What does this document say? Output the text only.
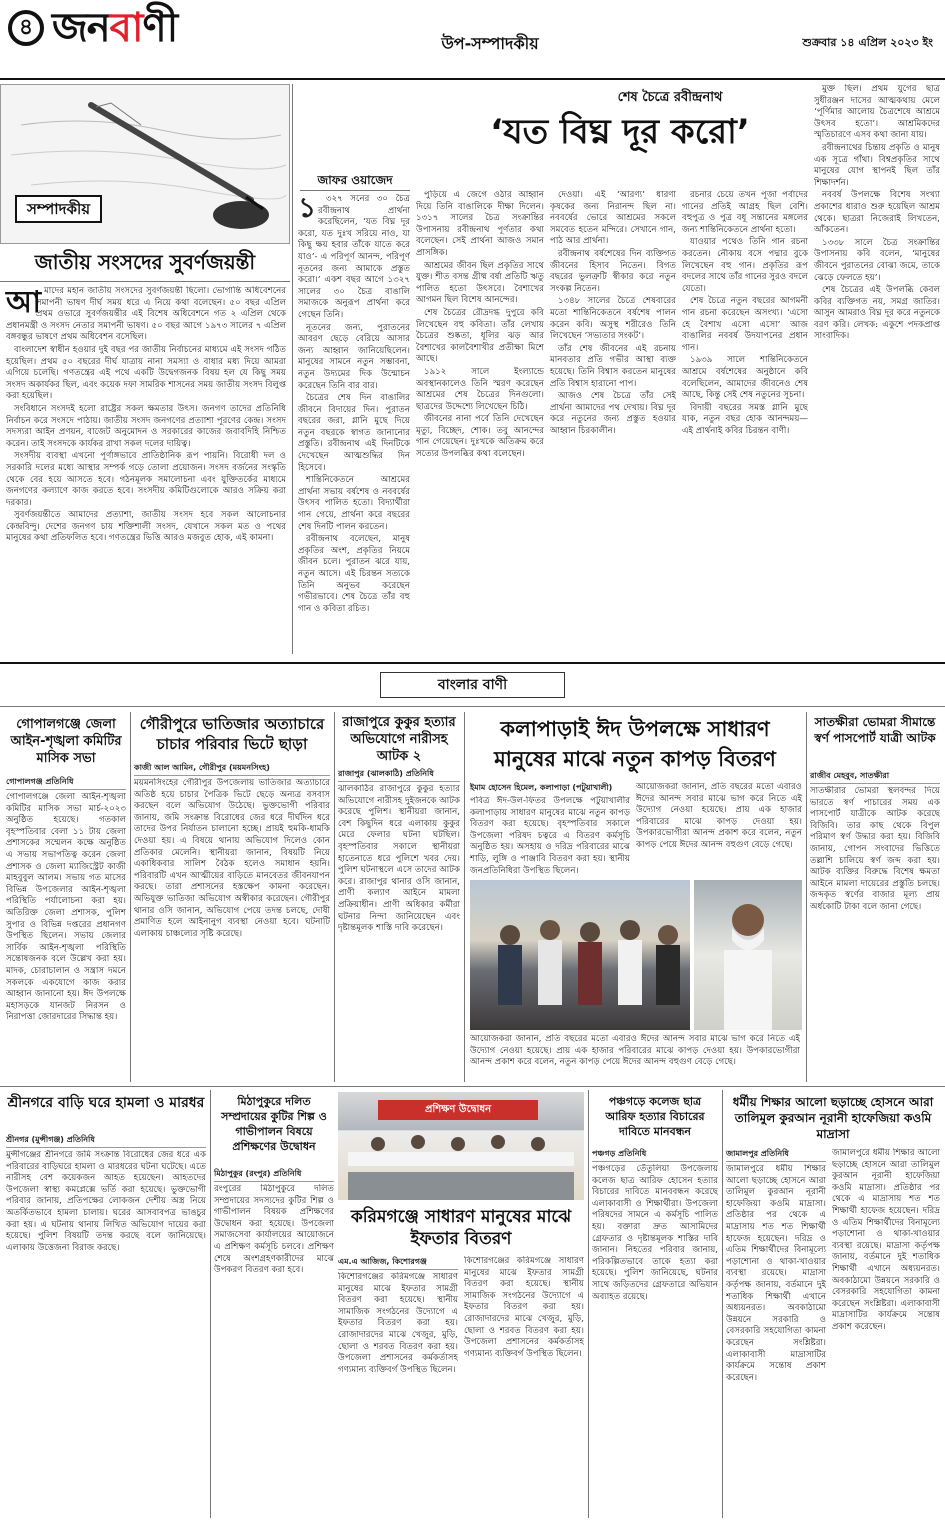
৪ জনবাণী	উপ-সম্পাদকীয়	শুক্রবার ১৪ এপ্রিল ২০২৩ ইং
সম্পাদকীয়
জাতীয় সংসদের সুবর্ণজয়ন্তী
আ মাদের মহান জাতীয় সংসদের সুবর্ণজয়ন্তী ছিলো। ভোগান্তি অধিবেশনের সমাপনী ভাষণ দীর্ঘ সময় ধরে এ নিয়ে কথা বলেছেন। ৫০ বছর এপ্রিল প্রথম ওভারে সুবর্ণজয়ন্তীর এই বিশেষ অধিবেশনে গত ২ এপ্রিল থেকে প্রধানমন্ত্রী ও সংসদ নেতার সমাপনী ভাষণ। ৫০ বছর আগে ১৯৭৩ সালের ৭ এপ্রিল বঙ্গবন্ধুর ভাষণে প্রথম অধিবেশন বসেছিল।

বাংলাদেশ স্বাধীন হওয়ার দুই বছর পর জাতীয় নির্বাচনের মাধ্যমে এই সংসদ গঠিত হয়েছিল। প্রথম ৫০ বছরের দীর্ঘ যাত্রায় নানা সমস্যা ও বাধার মধ্য দিয়ে আমরা এগিয়ে চলেছি। গণতন্ত্রের এই পথে একটি উদ্বেগজনক বিষয় হল যে কিছু সময় সংসদ অকার্যকর ছিল, এবং কয়েক দফা সামরিক শাসনের সময় জাতীয় সংসদ বিলুপ্ত করা হয়েছিল।

সংবিধানে সংসদই হলো রাষ্ট্রের সকল ক্ষমতার উৎস। জনগণ তাদের প্রতিনিধি নির্বাচন করে সংসদে পাঠায়। জাতীয় সংসদ জনগণের প্রত্যাশা পূরণের কেন্দ্র। সংসদ সদস্যরা আইন প্রণয়ন, বাজেট অনুমোদন ও সরকারের কাজের জবাবদিহি নিশ্চিত করেন। তাই সংসদকে কার্যকর রাখা সকল দলের দায়িত্ব।

সংসদীয় ব্যবস্থা এখনো পূর্ণাঙ্গভাবে প্রাতিষ্ঠানিক রূপ পায়নি। বিরোধী দল ও সরকারি দলের মধ্যে আস্থার সম্পর্ক গড়ে তোলা প্রয়োজন। সংসদ বর্জনের সংস্কৃতি থেকে বের হয়ে আসতে হবে। গঠনমূলক সমালোচনা এবং যুক্তিতর্কের মাধ্যমে জনগণের কল্যাণে কাজ করতে হবে। সংসদীয় কমিটিগুলোকে আরও সক্রিয় করা দরকার।

সুবর্ণজয়ন্তীতে আমাদের প্রত্যাশা, জাতীয় সংসদ হবে সকল আলোচনার কেন্দ্রবিন্দু। দেশের জনগণ চায় শক্তিশালী সংসদ, যেখানে সকল মত ও পথের মানুষের কথা প্রতিফলিত হবে। গণতন্ত্রের ভিত্তি আরও মজবুত হোক, এই কামনা।

শেষ চৈত্রে রবীন্দ্রনাথ
‘যত বিঘ্ন দূর করো’
জাফর ওয়াজেদ
১	৩২৭ সনের ৩০ চৈত্র রবীন্দ্রনাথ প্রার্থনা করেছিলেন, ‘যত বিঘ্ন দূর করো, যত দুঃখ সরিয়ে নাও, যা কিছু ক্ষয় হবার তাঁকে যাতে করে যাও’- এ পরিপূর্ণ আনন্দ, পরিপূর্ণ নূতনের জন্য আমাকে প্রস্তুত করো।’ একশ বছর আগে ১৩২৭ সালের ৩০ চৈত্র বাঙালি সমাজকে অনুরূপ প্রার্থনা করে গেছেন তিনি।

নূতনের জন্য, পুরাতনের আবরণ ছেড়ে বেরিয়ে আসার জন্য আহ্বান জানিয়েছিলেন। মানুষের সামনে নতুন সম্ভাবনা, নতুন উদ্যমের দিক উন্মোচন করেছেন তিনি বার বার।

চৈত্রের শেষ দিন বাঙালির জীবনে বিদায়ের দিন। পুরাতন বছরের জরা, গ্লানি মুছে দিয়ে নতুন বছরকে স্বাগত জানানোর প্রস্তুতি। রবীন্দ্রনাথ এই দিনটিকে দেখেছেন আত্মশুদ্ধির দিন হিসেবে।

শান্তিনিকেতনে আশ্রমের প্রার্থনা সভায় বর্ষশেষ ও নববর্ষের উৎসব পালিত হতো। বিদ্যার্থীরা গান গেয়ে, প্রার্থনা করে বছরের শেষ দিনটি পালন করতেন।

রবীন্দ্রনাথ বলেছেন, মানুষ প্রকৃতির অংশ, প্রকৃতির নিয়মে জীবন চলে। পুরাতন ঝরে যায়, নতুন আসে। এই চিরন্তন সত্যকে তিনি অনুভব করেছেন গভীরভাবে। শেষ চৈত্রে তাঁর বহু গান ও কবিতা রচিত।

পুড়িয়ে এ জেগে ওঠার আহ্বান দিয়ে তিনি বাঙালিকে দীক্ষা দিলেন। ১৩১৭ সালের চৈত্র সংক্রান্তির উপাসনায় রবীন্দ্রনাথ পূর্ণতার কথা বলেছেন। সেই প্রার্থনা আজও সমান প্রাসঙ্গিক।

আশ্রমের জীবন ছিল প্রকৃতির সাথে যুক্ত। শীত বসন্ত গ্রীষ্ম বর্ষা প্রতিটি ঋতু পালিত হতো উৎসবে। বৈশাখের আগমন ছিল বিশেষ আনন্দের।

শেষ চৈত্রের রৌদ্রদগ্ধ দুপুরে কবি লিখেছেন বহু কবিতা। তাঁর লেখায় চৈত্রের শুষ্কতা, ধূলির ঝড় আর বৈশাখের কালবৈশাখীর প্রতীক্ষা মিশে আছে।

১৯১২ সালে ইংল্যান্ডে অবস্থানকালেও তিনি স্মরণ করেছেন আশ্রমের শেষ চৈত্রের দিনগুলো। ছাত্রদের উদ্দেশ্যে লিখেছেন চিঠি।

জীবনের নানা পর্বে তিনি দেখেছেন মৃত্যু, বিচ্ছেদ, শোক। তবু আনন্দের গান গেয়েছেন। দুঃখকে অতিক্রম করে সত্যের উপলব্ধির কথা বলেছেন।

দেওয়া। এই ‘আরণ্য’ ধারণা কৃষকের জন্য নিরানন্দ ছিল না। নববর্ষের ভোরে আশ্রমের সকলে সমবেত হতেন মন্দিরে। সেখানে গান, পাঠ আর প্রার্থনা।

রবীন্দ্রনাথ বর্ষশেষের দিন ব্যক্তিগত জীবনের হিসাব নিতেন। বিগত বছরের ভুলত্রুটি স্বীকার করে নতুন সংকল্প নিতেন।

১৩৪৮ সালের চৈত্রে শেষবারের মতো শান্তিনিকেতনে বর্ষশেষ পালন করেন কবি। অসুস্থ শরীরেও তিনি লিখেছেন ‘সভ্যতার সংকট’।

তাঁর শেষ জীবনের এই রচনায় মানবতার প্রতি গভীর আস্থা ব্যক্ত হয়েছে। তিনি বিশ্বাস করতেন মানুষের প্রতি বিশ্বাস হারানো পাপ।

আজও শেষ চৈত্রে তাঁর সেই প্রার্থনা আমাদের পথ দেখায়। বিঘ্ন দূর করে নতুনের জন্য প্রস্তুত হওয়ার আহ্বান চিরকালীন।

রচনার চেয়ে তখন পূজা পর্বাদের গানের প্রতিই আগ্রহ ছিল বেশি। বহুপুত্র ও পুত্র বধূ সন্তানের মঙ্গলের জন্য শান্তিনিকেতনে প্রার্থনা হতো।

যাওয়ার পথেও তিনি গান রচনা করতেন। নৌকায় বসে পদ্মার বুকে লিখেছেন বহু গান। প্রকৃতির রূপ বদলের সাথে তাঁর গানের সুরও বদলে যেতো।

শেষ চৈত্রে নতুন বছরের আগমনী গান রচনা করেছেন অসংখ্য। ‘এসো হে বৈশাখ এসো এসো’ আজ বাঙালির নববর্ষ উদযাপনের প্রধান গান।

১৯৩৯ সালে শান্তিনিকেতনে আশ্রমে বর্ষশেষের অনুষ্ঠানে কবি বলেছিলেন, আমাদের জীবনেও শেষ আছে, কিন্তু সেই শেষ নতুনের সূচনা।

বিদায়ী বছরের সমস্ত গ্লানি মুছে যাক, নতুন বছর হোক আনন্দময়—এই প্রার্থনাই কবির চিরন্তন বাণী।

মুক্ত ছিল। প্রথম যুগের ছাত্র সুধীরঞ্জন দাসের আত্মকথায় মেলে ‘পূর্ণিমার আলোয় চৈত্রশেষে আশ্রমে উৎসব হতো’। আশ্রমিকদের স্মৃতিচারণে এসব কথা জানা যায়।

রবীন্দ্রনাথের চিন্তায় প্রকৃতি ও মানুষ এক সূত্রে গাঁথা। বিশ্বপ্রকৃতির সাথে মানুষের যোগ স্থাপনই ছিল তাঁর শিক্ষাদর্শন।

নববর্ষ উপলক্ষে বিশেষ সংখ্যা প্রকাশের ধারাও শুরু হয়েছিল আশ্রম থেকে। ছাত্ররা নিজেরাই লিখতেন, আঁকতেন।

১৩৩৮ সালে চৈত্র সংক্রান্তির উপাসনায় কবি বলেন, ‘মানুষের জীবনে পুরাতনের বোঝা জমে, তাকে ঝেড়ে ফেলতে হয়’।

শেষ চৈত্রের এই উপলব্ধি কেবল কবির ব্যক্তিগত নয়, সমগ্র জাতির। আসুন আমরাও বিঘ্ন দূর করে নতুনকে বরণ করি। লেখক: একুশে পদকপ্রাপ্ত সাংবাদিক।

বাংলার বাণী
গোপালগঞ্জে জেলা আইন-শৃঙ্খলা কমিটির মাসিক সভা
গোপালগঞ্জ প্রতিনিধি
গোপালগঞ্জে জেলা আইন-শৃঙ্খলা কমিটির মাসিক সভা মার্চ-২০২৩ অনুষ্ঠিত হয়েছে। গতকাল বৃহস্পতিবার বেলা ১১ টায় জেলা প্রশাসকের সম্মেলন কক্ষে অনুষ্ঠিত এ সভায় সভাপতিত্ব করেন জেলা প্রশাসক ও জেলা ম্যাজিস্ট্রেট কাজী মাহবুবুল আলম। সভায় গত মাসের বিভিন্ন উপজেলার আইন-শৃঙ্খলা পরিস্থিতি পর্যালোচনা করা হয়। অতিরিক্ত জেলা প্রশাসক, পুলিশ সুপার ও বিভিন্ন দপ্তরের প্রধানগণ উপস্থিত ছিলেন। সভায় জেলার সার্বিক আইন-শৃঙ্খলা পরিস্থিতি সন্তোষজনক বলে উল্লেখ করা হয়। মাদক, চোরাচালান ও সন্ত্রাস দমনে সকলকে একযোগে কাজ করার আহ্বান জানানো হয়। ঈদ উপলক্ষে মহাসড়কে যানজট নিরসন ও নিরাপত্তা জোরদারের সিদ্ধান্ত হয়।
গৌরীপুরে ভাতিজার অত্যাচারে চাচার পরিবার ভিটে ছাড়া
কাজী আল আমিন, গৌরীপুর (ময়মনসিংহ)
ময়মনসিংহের গৌরীপুর উপজেলায় ভাতিজার অত্যাচারে অতিষ্ঠ হয়ে চাচার পৈত্রিক ভিটে ছেড়ে অন্যত্র বসবাস করছেন বলে অভিযোগ উঠেছে। ভুক্তভোগী পরিবার জানায়, জমি সংক্রান্ত বিরোধের জের ধরে দীর্ঘদিন ধরে তাদের উপর নির্যাতন চালানো হচ্ছে। প্রায়ই হুমকি-ধামকি দেওয়া হয়। এ বিষয়ে থানায় অভিযোগ দিলেও কোন প্রতিকার মেলেনি। স্থানীয়রা জানান, বিষয়টি নিয়ে একাধিকবার সালিশ বৈঠক হলেও সমাধান হয়নি। পরিবারটি এখন আত্মীয়ের বাড়িতে মানবেতর জীবনযাপন করছে। তারা প্রশাসনের হস্তক্ষেপ কামনা করেছেন। অভিযুক্ত ভাতিজা অভিযোগ অস্বীকার করেছেন। গৌরীপুর থানার ওসি জানান, অভিযোগ পেয়ে তদন্ত চলছে, দোষী প্রমাণিত হলে আইনানুগ ব্যবস্থা নেওয়া হবে। ঘটনাটি এলাকায় চাঞ্চল্যের সৃষ্টি করেছে।
রাজাপুরে কুকুর হত্যার অভিযোগে নারীসহ আটক ২
রাজাপুর (ঝালকাঠি) প্রতিনিধি
ঝালকাঠির রাজাপুরে কুকুর হত্যার অভিযোগে নারীসহ দুইজনকে আটক করেছে পুলিশ। স্থানীয়রা জানান, বেশ কিছুদিন ধরে এলাকায় কুকুর মেরে ফেলার ঘটনা ঘটছিল। বৃহস্পতিবার সকালে স্থানীয়রা হাতেনাতে ধরে পুলিশে খবর দেয়। পুলিশ ঘটনাস্থলে এসে তাদের আটক করে। রাজাপুর থানার ওসি জানান, প্রাণী কল্যাণ আইনে মামলা প্রক্রিয়াধীন। প্রাণী অধিকার কর্মীরা ঘটনার নিন্দা জানিয়েছেন এবং দৃষ্টান্তমূলক শাস্তি দাবি করেছেন।
কলাপাড়াই ঈদ উপলক্ষে সাধারণ মানুষের মাঝে নতুন কাপড় বিতরণ
ইমাম হোসেন হিমেল, কলাপাড়া (পটুয়াখালী)
পবিত্র ঈদ-উল-ফিতর উপলক্ষে পটুয়াখালীর কলাপাড়ায় সাধারণ মানুষের মাঝে নতুন কাপড় বিতরণ করা হয়েছে। বৃহস্পতিবার সকালে উপজেলা পরিষদ চত্বরে এ বিতরণ কর্মসূচি অনুষ্ঠিত হয়। অসহায় ও দরিদ্র পরিবারের মাঝে শাড়ি, লুঙ্গি ও পাঞ্জাবি বিতরণ করা হয়। স্থানীয় জনপ্রতিনিধিরা উপস্থিত ছিলেন।
আয়োজকরা জানান, প্রতি বছরের মতো এবারও ঈদের আনন্দ সবার মাঝে ভাগ করে নিতে এই উদ্যোগ নেওয়া হয়েছে। প্রায় এক হাজার পরিবারের মাঝে কাপড় দেওয়া হয়। উপকারভোগীরা আনন্দ প্রকাশ করে বলেন, নতুন কাপড় পেয়ে ঈদের আনন্দ বহুগুণ বেড়ে গেছে।
আয়োজকরা জানান, প্রতি বছরের মতো এবারও ঈদের আনন্দ সবার মাঝে ভাগ করে নিতে এই উদ্যোগ নেওয়া হয়েছে। প্রায় এক হাজার পরিবারের মাঝে কাপড় দেওয়া হয়। উপকারভোগীরা আনন্দ প্রকাশ করে বলেন, নতুন কাপড় পেয়ে ঈদের আনন্দ বহুগুণ বেড়ে গেছে।
সাতক্ষীরা ভোমরা সীমান্তে স্বর্ণ পাসপোর্ট যাত্রী আটক
রাজীব মেহবুব, সাতক্ষীরা
সাতক্ষীরার ভোমরা স্থলবন্দর দিয়ে ভারতে স্বর্ণ পাচারের সময় এক পাসপোর্ট যাত্রীকে আটক করেছে বিজিবি। তার কাছ থেকে বিপুল পরিমাণ স্বর্ণ উদ্ধার করা হয়। বিজিবি জানায়, গোপন সংবাদের ভিত্তিতে তল্লাশি চালিয়ে স্বর্ণ জব্দ করা হয়। আটক ব্যক্তির বিরুদ্ধে বিশেষ ক্ষমতা আইনে মামলা দায়েরের প্রস্তুতি চলছে। জব্দকৃত স্বর্ণের বাজার মূল্য প্রায় অর্ধকোটি টাকা বলে জানা গেছে।
শ্রীনগরে বাড়ি ঘরে হামলা ও মারধর
শ্রীনগর (মুন্সীগঞ্জ) প্রতিনিধি
মুন্সীগঞ্জের শ্রীনগরে জমি সংক্রান্ত বিরোধের জের ধরে এক পরিবারের বাড়িঘরে হামলা ও মারধরের ঘটনা ঘটেছে। এতে নারীসহ বেশ কয়েকজন আহত হয়েছেন। আহতদের উপজেলা স্বাস্থ্য কমপ্লেক্সে ভর্তি করা হয়েছে। ভুক্তভোগী পরিবার জানায়, প্রতিপক্ষের লোকজন দেশীয় অস্ত্র নিয়ে অতর্কিতভাবে হামলা চালায়। ঘরের আসবাবপত্র ভাঙচুর করা হয়। এ ঘটনায় থানায় লিখিত অভিযোগ দায়ের করা হয়েছে। পুলিশ বিষয়টি তদন্ত করছে বলে জানিয়েছে। এলাকায় উত্তেজনা বিরাজ করছে।
মিঠাপুকুরে দলিত সম্প্রদায়ের কুটির শিল্প ও গাভীপালন বিষয়ে প্রশিক্ষণের উদ্বোধন
মিঠাপুকুর (রংপুর) প্রতিনিধি
রংপুরের মিঠাপুকুরে দলিত সম্প্রদায়ের সদস্যদের কুটির শিল্প ও গাভীপালন বিষয়ক প্রশিক্ষণের উদ্বোধন করা হয়েছে। উপজেলা সমাজসেবা কার্যালয়ের আয়োজনে এ প্রশিক্ষণ কর্মসূচি চলবে। প্রশিক্ষণ শেষে অংশগ্রহণকারীদের মাঝে উপকরণ বিতরণ করা হবে।
প্রশিক্ষণ উদ্বোধন
করিমগঞ্জে সাধারণ মানুষের মাঝে ইফতার বিতরণ
এম.এ আজিজ, কিশোরগঞ্জ
কিশোরগঞ্জের করিমগঞ্জে সাধারণ মানুষের মাঝে ইফতার সামগ্রী বিতরণ করা হয়েছে। স্থানীয় সামাজিক সংগঠনের উদ্যোগে এ ইফতার বিতরণ করা হয়। রোজাদারদের মাঝে খেজুর, মুড়ি, ছোলা ও শরবত বিতরণ করা হয়। উপজেলা প্রশাসনের কর্মকর্তাসহ গণ্যমান্য ব্যক্তিবর্গ উপস্থিত ছিলেন।
কিশোরগঞ্জের করিমগঞ্জে সাধারণ মানুষের মাঝে ইফতার সামগ্রী বিতরণ করা হয়েছে। স্থানীয় সামাজিক সংগঠনের উদ্যোগে এ ইফতার বিতরণ করা হয়। রোজাদারদের মাঝে খেজুর, মুড়ি, ছোলা ও শরবত বিতরণ করা হয়। উপজেলা প্রশাসনের কর্মকর্তাসহ গণ্যমান্য ব্যক্তিবর্গ উপস্থিত ছিলেন।
পঞ্চগড়ে কলেজ ছাত্র আরিফ হত্যার বিচারের দাবিতে মানবন্ধন
পঞ্চগড় প্রতিনিধি
পঞ্চগড়ের তেঁতুলিয়া উপজেলায় কলেজ ছাত্র আরিফ হোসেন হত্যার বিচারের দাবিতে মানববন্ধন করেছে এলাকাবাসী ও শিক্ষার্থীরা। উপজেলা পরিষদের সামনে এ কর্মসূচি পালিত হয়। বক্তারা দ্রুত আসামিদের গ্রেফতার ও দৃষ্টান্তমূলক শাস্তির দাবি জানান। নিহতের পরিবার জানায়, পরিকল্পিতভাবে তাকে হত্যা করা হয়েছে। পুলিশ জানিয়েছে, ঘটনার সাথে জড়িতদের গ্রেফতারে অভিযান অব্যাহত রয়েছে।
ধর্মীয় শিক্ষার আলো ছড়াচ্ছে হোসনে আরা তালিমুল কুরআন নূরানী হাফেজিয়া কওমি মাদ্রাসা
জামালপুর প্রতিনিধি
জামালপুরে ধর্মীয় শিক্ষার আলো ছড়াচ্ছে হোসনে আরা তালিমুল কুরআন নূরানী হাফেজিয়া কওমি মাদ্রাসা। প্রতিষ্ঠার পর থেকে এ মাদ্রাসায় শত শত শিক্ষার্থী হাফেজ হয়েছেন। দরিদ্র ও এতিম শিক্ষার্থীদের বিনামূল্যে পড়াশোনা ও থাকা-খাওয়ার ব্যবস্থা রয়েছে। মাদ্রাসা কর্তৃপক্ষ জানায়, বর্তমানে দুই শতাধিক শিক্ষার্থী এখানে অধ্যয়নরত। অবকাঠামো উন্নয়নে সরকারি ও বেসরকারি সহযোগিতা কামনা করেছেন সংশ্লিষ্টরা। এলাকাবাসী মাদ্রাসাটির কার্যক্রমে সন্তোষ প্রকাশ করেছেন।
জামালপুরে ধর্মীয় শিক্ষার আলো ছড়াচ্ছে হোসনে আরা তালিমুল কুরআন নূরানী হাফেজিয়া কওমি মাদ্রাসা। প্রতিষ্ঠার পর থেকে এ মাদ্রাসায় শত শত শিক্ষার্থী হাফেজ হয়েছেন। দরিদ্র ও এতিম শিক্ষার্থীদের বিনামূল্যে পড়াশোনা ও থাকা-খাওয়ার ব্যবস্থা রয়েছে। মাদ্রাসা কর্তৃপক্ষ জানায়, বর্তমানে দুই শতাধিক শিক্ষার্থী এখানে অধ্যয়নরত। অবকাঠামো উন্নয়নে সরকারি ও বেসরকারি সহযোগিতা কামনা করেছেন সংশ্লিষ্টরা। এলাকাবাসী মাদ্রাসাটির কার্যক্রমে সন্তোষ প্রকাশ করেছেন।
